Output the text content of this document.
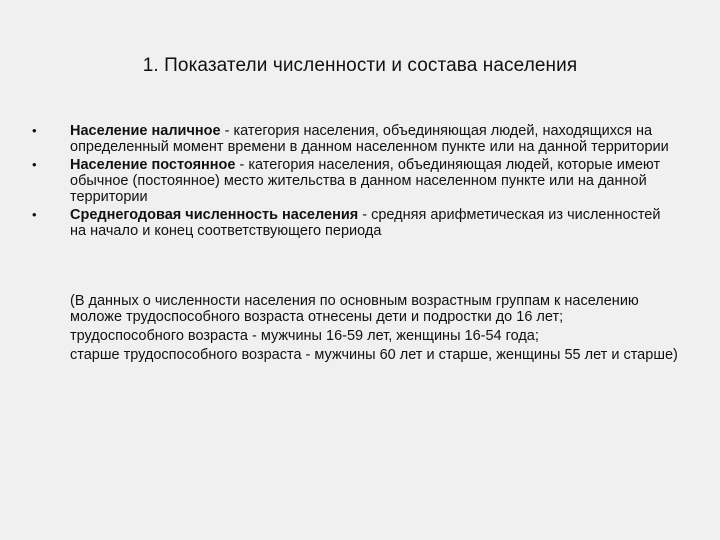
1. Показатели численности и состава населения
• Население наличное - категория населения, объединяющая людей, находящихся на определенный момент времени в данном населенном пункте или на данной территории
• Население постоянное - категория населения, объединяющая людей, которые имеют обычное (постоянное) место жительства в данном населенном пункте или на данной территории
• Среднегодовая численность населения - средняя арифметическая из численностей на начало и конец соответствующего периода

(В данных о численности населения по основным возрастным группам к населению моложе трудоспособного возраста отнесены дети и подростки до 16 лет;

трудоспособного возраста - мужчины 16-59 лет, женщины 16-54 года;

старше трудоспособного возраста - мужчины 60 лет и старше, женщины 55 лет и старше)
